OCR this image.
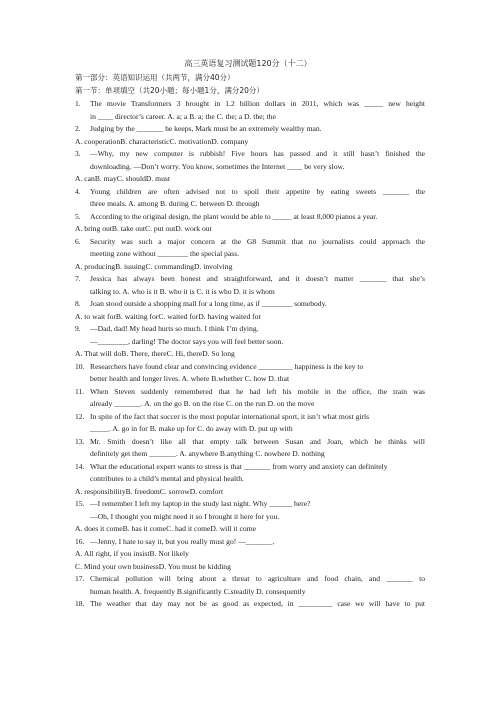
高三英语复习测试题120分（十二）
第一部分：英语知识运用（共两节，满分40分）
第一节：单项填空（共20小题；每小题1分，满分20分）
1. The movie Transformers 3 brought in 1.2 billion dollars in 2011, which was _____ new height
in ____ director’s career. A. a; a B. a; the C. the; a D. the; the
2. Judging by the _______ he keeps, Mark must be an extremely wealthy man.
A. cooperationB. characteristicC. motivationD. company
3. —Why, my new computer is rubbish! Five hours has passed and it still hasn’t finished the
downloading. —Don’t worry. You know, sometimes the Internet ____ be very slow.
A. canB. mayC. shouldD. must
4. Young children are often advised not to spoil their appetite by eating sweets _______ the
three meals. A. among B. during C. between D. through
5. According to the original design, the plant would be able to _____ at least 8,000 pianos a year.
A. bring outB. take outC. put outD. work out
6. Security was such a major concern at the G8 Summit that no journalists could approach the
meeting zone without ________ the special pass.
A. producingB. issuingC. commandingD. involving
7. Jessica has always been honest and straightforward, and it doesn’t matter _______ that she’s
talking to. A. who is it B. who it is C. it is who D. it is whom
8. Joan stood outside a shopping mall for a long time, as if ________ somebody.
A. to wait forB. waiting forC. waited forD. having waited for
9. —Dad, dad! My head hurts so much. I think I’m dying.
—________, darling! The doctor says you will feel better soon.
A. That will doB. There, thereC. Hi, thereD. So long
10. Researchers have found clear and convincing evidence _________ happiness is the key to
better health and longer lives. A. where B.whether C. how D. that
11. When Steven suddenly remembered that he had left his mobile in the office, the train was
already _______. A. on the go B. on the rise C. on the run D. on the move
12. In spite of the fact that soccer is the most popular international sport, it isn’t what most girls
_____. A. go in for B. make up for C. do away with D. put up with
13. Mr. Smith doesn’t like all that empty talk between Susan and Joan, which he thinks will
definitely get them _______. A. anywhere B.anything C. nowhere D. nothing
14. What the educational expert wants to stress is that _______ from worry and anxiety can definitely
contributes to a child’s mental and physical health.
A. responsibilityB. freedomC. sorrowD. comfort
15. —I remember I left my laptop in the study last night. Why ______ here?
—Oh, I thought you might need it so I brought it here for you.
A. does it comeB. has it comeC. had it comeD. will it come
16. —Jenny, I hate to say it, but you really must go! —_______.
A. All right, if you insistB. Not likely
C. Mind your own businessD. You must be kidding
17. Chemical pollution will bring about a threat to agriculture and food chain, and _______ to
human health. A. frequently B.significantly C.steadily D. consequently
18. The weather that day may not be as good as expected, in _________ case we will have to put
